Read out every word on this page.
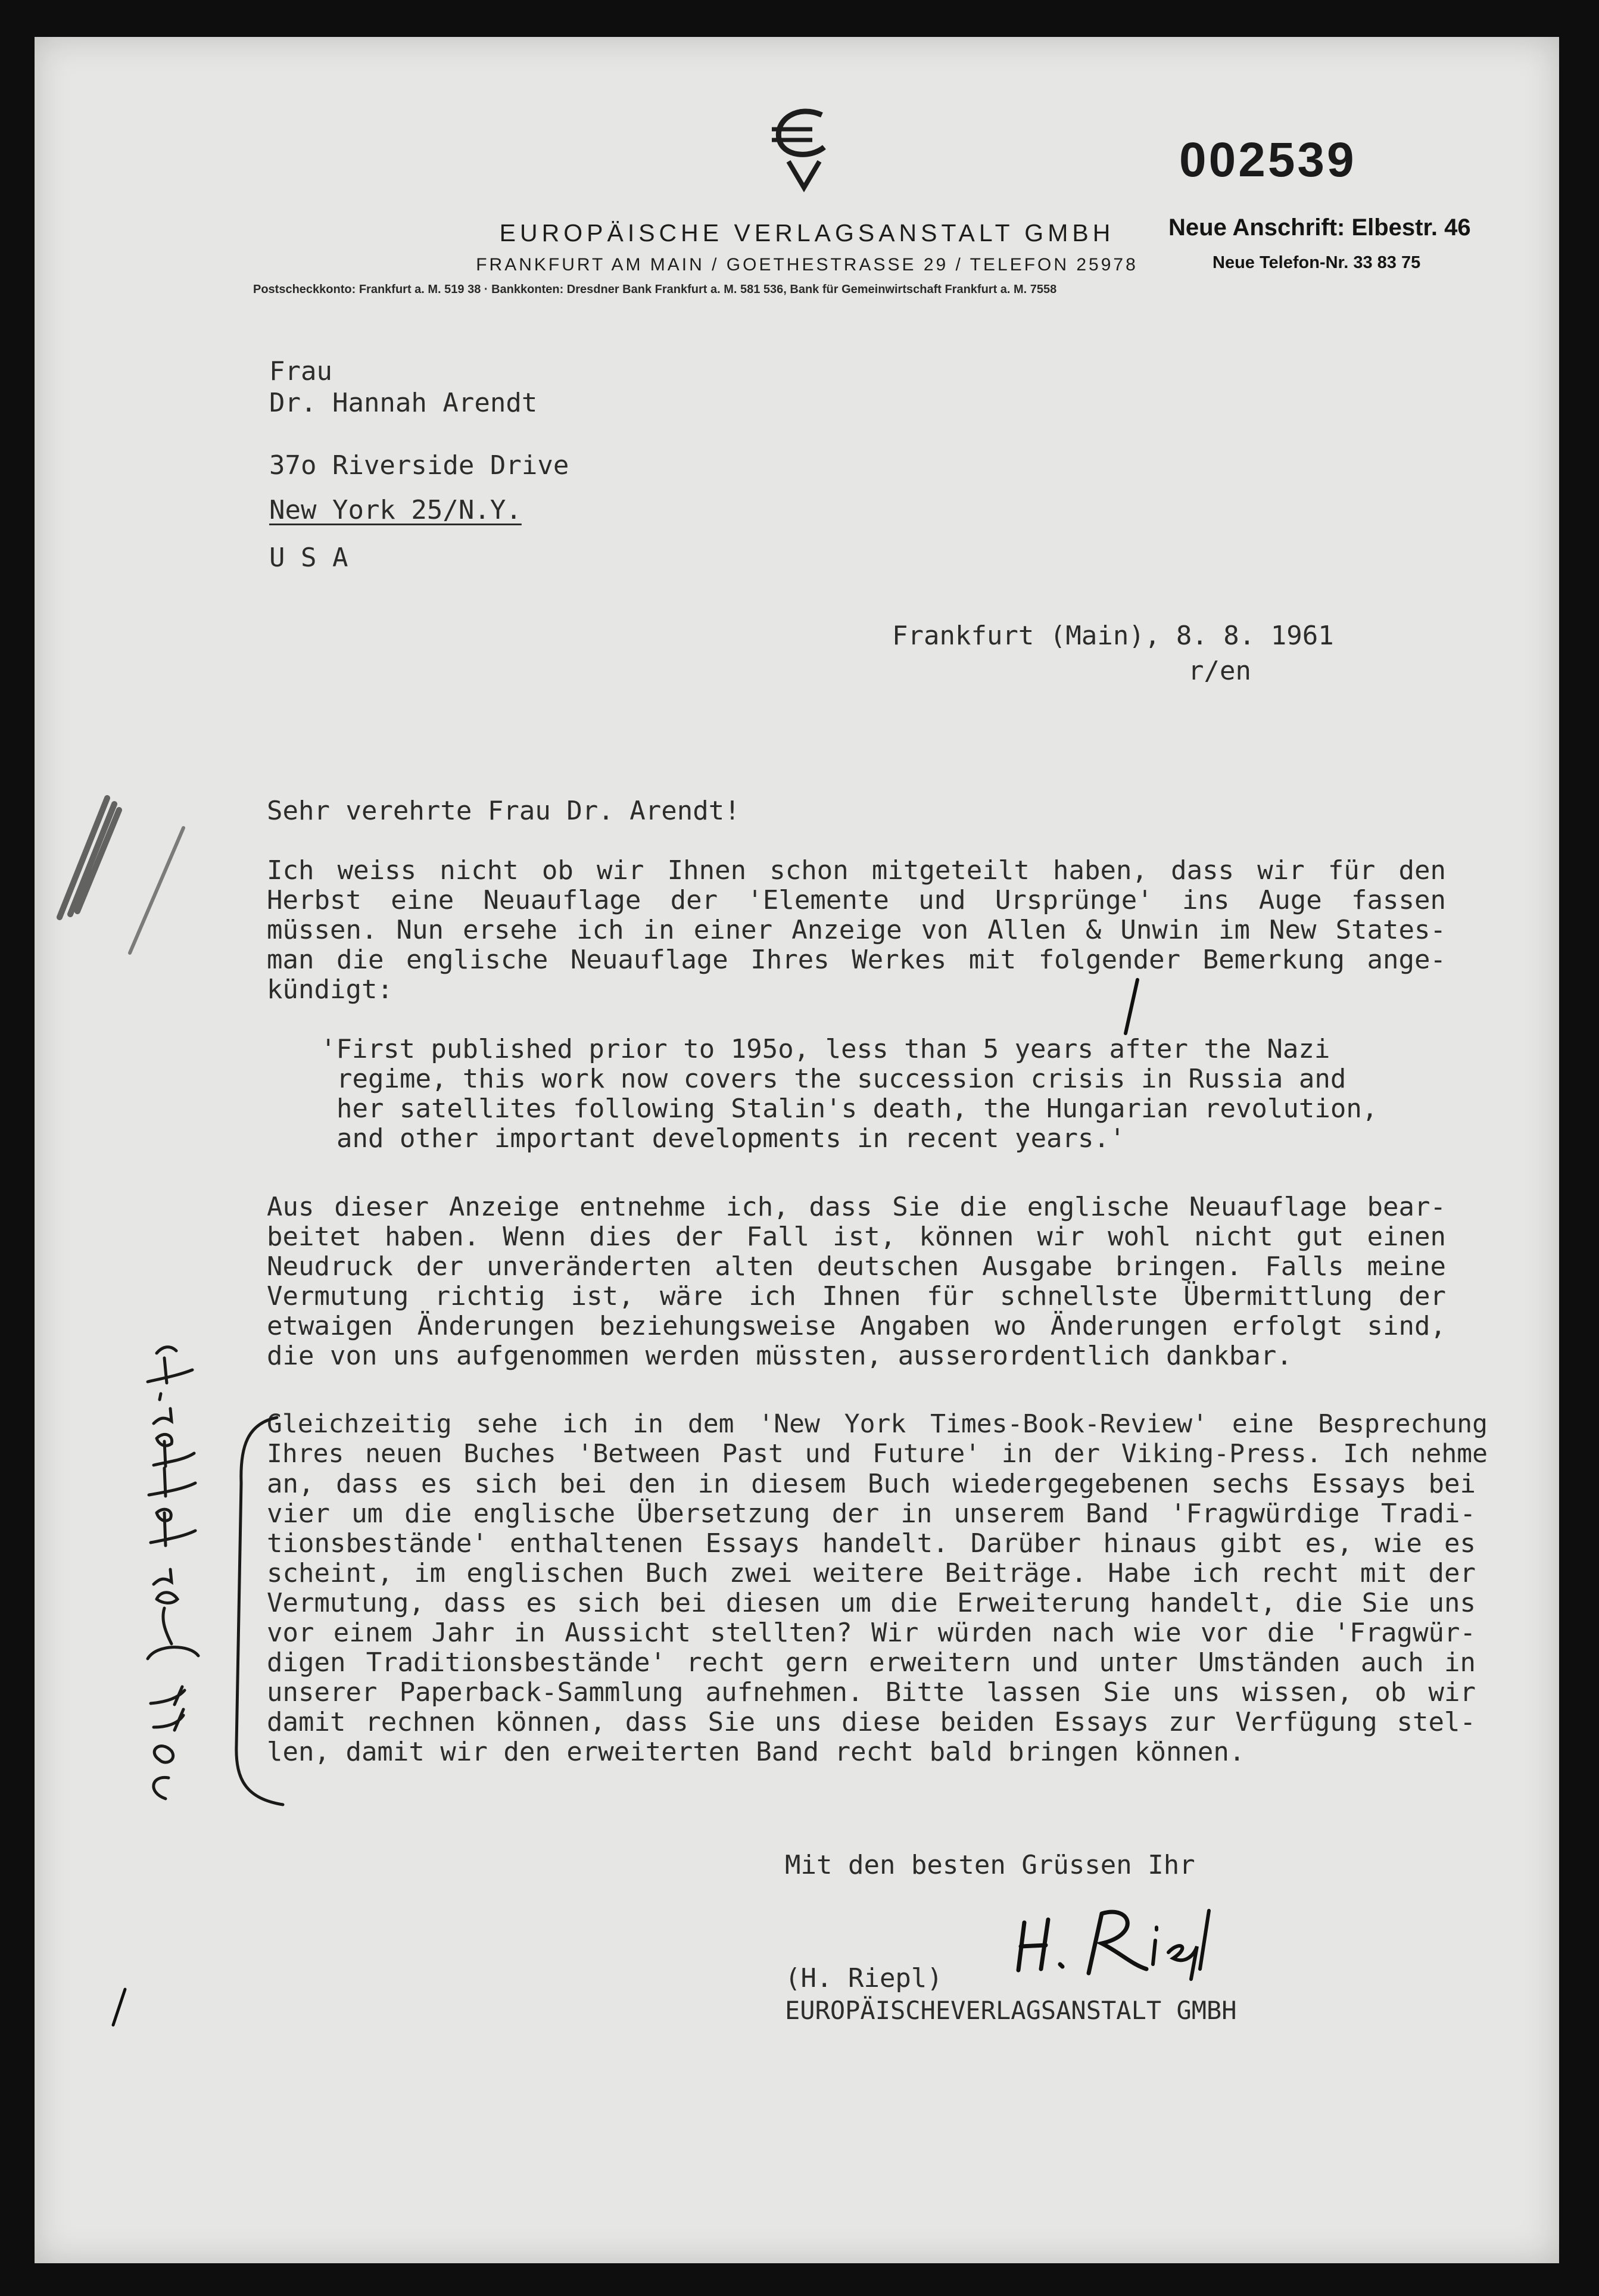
002539
EUROPÄISCHE VERLAGSANSTALT GMBH
FRANKFURT AM MAIN / GOETHESTRASSE 29 / TELEFON 25978
Neue Anschrift: Elbestr. 46
Neue Telefon-Nr. 33 83 75
Postscheckkonto: Frankfurt a. M. 519 38 · Bankkonten: Dresdner Bank Frankfurt a. M. 581 536, Bank für Gemeinwirtschaft Frankfurt a. M. 7558
Frau
Dr. Hannah Arendt
37o Riverside Drive
New York 25/N.Y.
U S A
Frankfurt (Main), 8. 8. 1961
r/en
Sehr verehrte Frau Dr. Arendt!
Ich weiss nicht ob wir Ihnen schon mitgeteilt haben, dass wir für den
Herbst eine Neuauflage der 'Elemente und Ursprünge' ins Auge fassen
müssen. Nun ersehe ich in einer Anzeige von Allen & Unwin im New States-
man die englische Neuauflage Ihres Werkes mit folgender Bemerkung ange-
kündigt:
'First published prior to 195o, less than 5 years after the Nazi
regime, this work now covers the succession crisis in Russia and
her satellites following Stalin's death, the Hungarian revolution,
and other important developments in recent years.'
Aus dieser Anzeige entnehme ich, dass Sie die englische Neuauflage bear-
beitet haben. Wenn dies der Fall ist, können wir wohl nicht gut einen
Neudruck der unveränderten alten deutschen Ausgabe bringen. Falls meine
Vermutung richtig ist, wäre ich Ihnen für schnellste Übermittlung der
etwaigen Änderungen beziehungsweise Angaben wo Änderungen erfolgt sind,
die von uns aufgenommen werden müssten, ausserordentlich dankbar.
Gleichzeitig sehe ich in dem 'New York Times-Book-Review' eine Besprechung
Ihres neuen Buches 'Between Past und Future' in der Viking-Press. Ich nehme
an, dass es sich bei den in diesem Buch wiedergegebenen sechs Essays bei
vier um die englische Übersetzung der in unserem Band 'Fragwürdige Tradi-
tionsbestände' enthaltenen Essays handelt. Darüber hinaus gibt es, wie es
scheint, im englischen Buch zwei weitere Beiträge. Habe ich recht mit der
Vermutung, dass es sich bei diesen um die Erweiterung handelt, die Sie uns
vor einem Jahr in Aussicht stellten? Wir würden nach wie vor die 'Fragwür-
digen Traditionsbestände' recht gern erweitern und unter Umständen auch in
unserer Paperback-Sammlung aufnehmen. Bitte lassen Sie uns wissen, ob wir
damit rechnen können, dass Sie uns diese beiden Essays zur Verfügung stel-
len, damit wir den erweiterten Band recht bald bringen können.
Mit den besten Grüssen Ihr
(H. Riepl)
EUROPÄISCHEVERLAGSANSTALT GMBH
